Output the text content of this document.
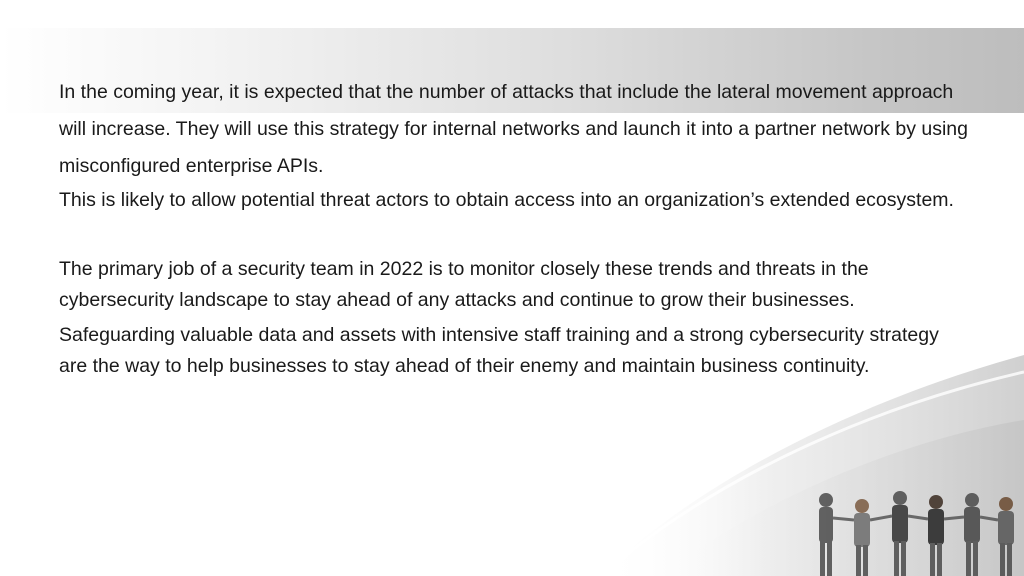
In the coming year, it is expected that the number of attacks that include the lateral movement approach will increase. They will use this strategy for internal networks and launch it into a partner network by using misconfigured enterprise APIs.

This is likely to allow potential threat actors to obtain access into an organization’s extended ecosystem.

The primary job of a security team in 2022 is to monitor closely these trends and threats in the cybersecurity landscape to stay ahead of any attacks and continue to grow their businesses.

Safeguarding valuable data and assets with intensive staff training and a strong cybersecurity strategy are the way to help businesses to stay ahead of their enemy and maintain business continuity.
